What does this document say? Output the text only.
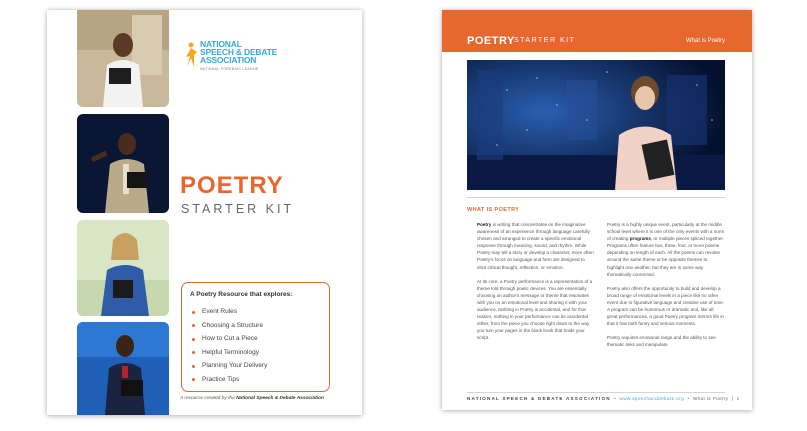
NATIONAL
SPEECH & DEBATE
ASSOCIATION
NATIONAL FORENSIC LEAGUE
POETRY
STARTER KIT
A Poetry Resource that explores:
Event Rules
Choosing a Structure
How to Cut a Piece
Helpful Terminology
Planning Your Delivery
Practice Tips
A resource created by the National Speech & Debate Association
POETRY STARTER KIT	What is Poetry
WHAT IS POETRY

Poetry is writing that concentrates on the imaginative awareness of an experience through language carefully chosen and arranged to create a specific emotional response through meaning, sound, and rhythm. While Poetry may tell a story or develop a character, more often Poetry's focus on language and form are designed to elicit critical thought, reflection, or emotion.

At its core, a Poetry performance is a representation of a theme told through poetic devices. You are essentially choosing an author's message or theme that resonates with you on an emotional level and sharing it with your audience. Nothing in Poetry is accidental, and for that reason, nothing in your performance can be accidental either, from the piece you choose right down to the way you turn your pages in the black book that holds your script.

Poetry is a highly unique event, particularly at the middle school level where it is one of the only events with a norm of creating programs, or multiple pieces spliced together. Programs often feature two, three, four, or more poems depending on length of each. All the poems can revolve around the same theme or be opposite themes to highlight one another, but they are in some way thematically connected.

Poetry also offers the opportunity to build and develop a broad range of emotional levels in a piece like no other event due to figurative language and creative use of tone. A program can be humorous or dramatic and, like all great performances, a good Poetry program mirrors life in that it has both funny and serious moments.

Poetry requires emotional range and the ability to see thematic links and manipulate

NATIONAL SPEECH & DEBATE ASSOCIATION • www.speechanddebate.org • What is Poetry  |  1
